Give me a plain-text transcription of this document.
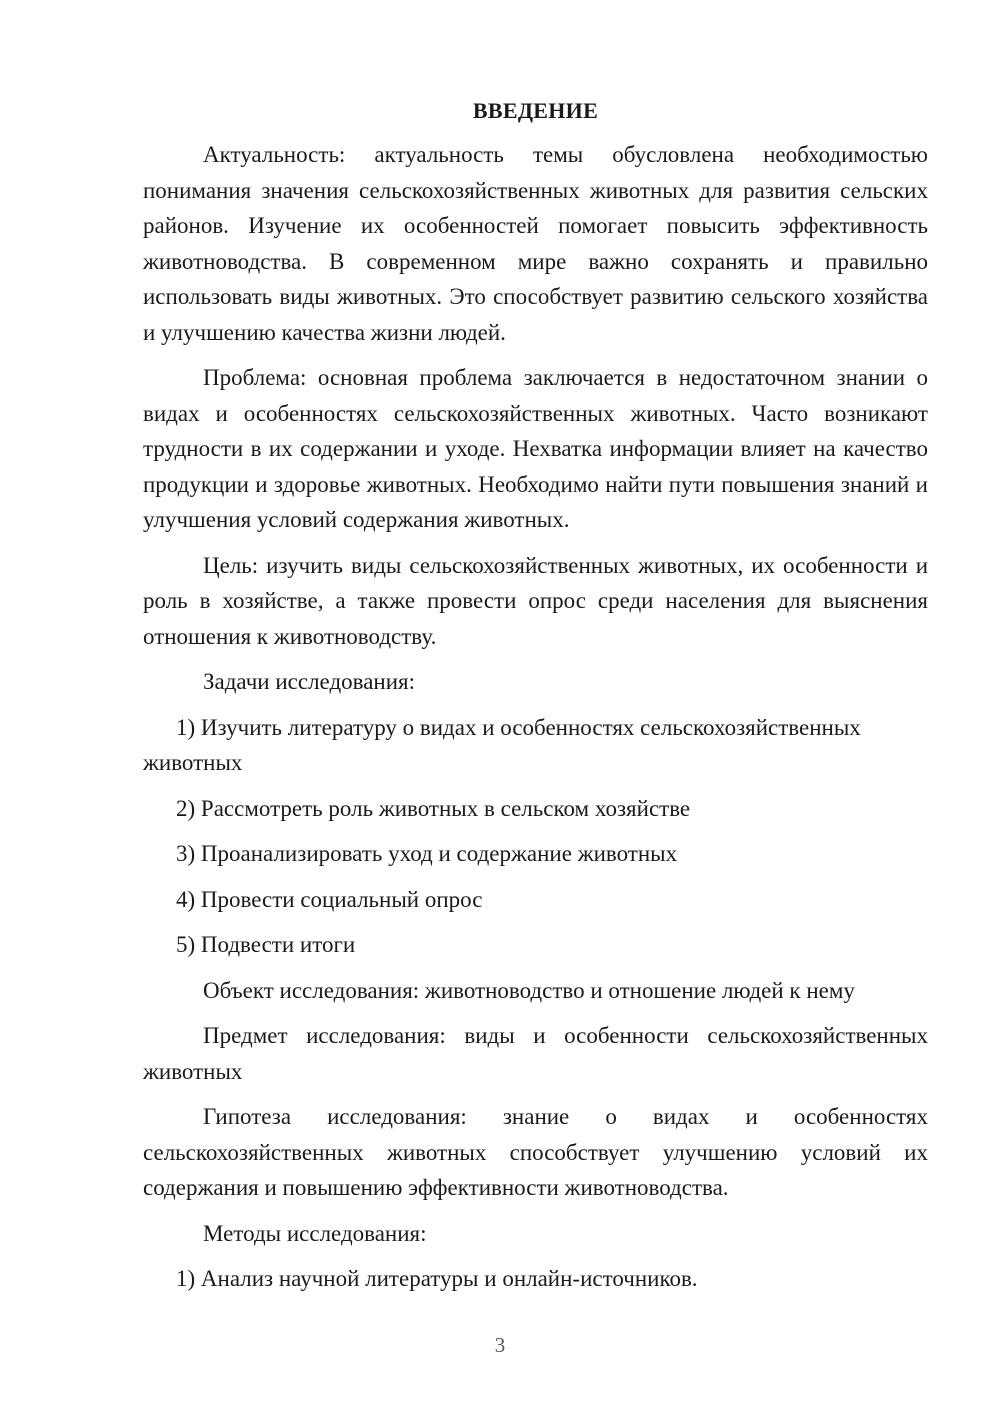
ВВЕДЕНИЕ

Актуальность: актуальность темы обусловлена необходимостью понимания значения сельскохозяйственных животных для развития сельских районов. Изучение их особенностей помогает повысить эффективность животноводства. В современном мире важно сохранять и правильно использовать виды животных. Это способствует развитию сельского хозяйства и улучшению качества жизни людей.

Проблема: основная проблема заключается в недостаточном знании о видах и особенностях сельскохозяйственных животных. Часто возникают трудности в их содержании и уходе. Нехватка информации влияет на качество продукции и здоровье животных. Необходимо найти пути повышения знаний и улучшения условий содержания животных.

Цель: изучить виды сельскохозяйственных животных, их особенности и роль в хозяйстве, а также провести опрос среди населения для выяснения отношения к животноводству.

Задачи исследования:

1) Изучить литературу о видах и особенностях сельскохозяйственных животных

2) Рассмотреть роль животных в сельском хозяйстве

3) Проанализировать уход и содержание животных

4) Провести социальный опрос

5) Подвести итоги

Объект исследования: животноводство и отношение людей к нему

Предмет исследования: виды и особенности сельскохозяйственных животных

Гипотеза исследования: знание о видах и особенностях сельскохозяйственных животных способствует улучшению условий их содержания и повышению эффективности животноводства.

Методы исследования:

1) Анализ научной литературы и онлайн-источников.

3
